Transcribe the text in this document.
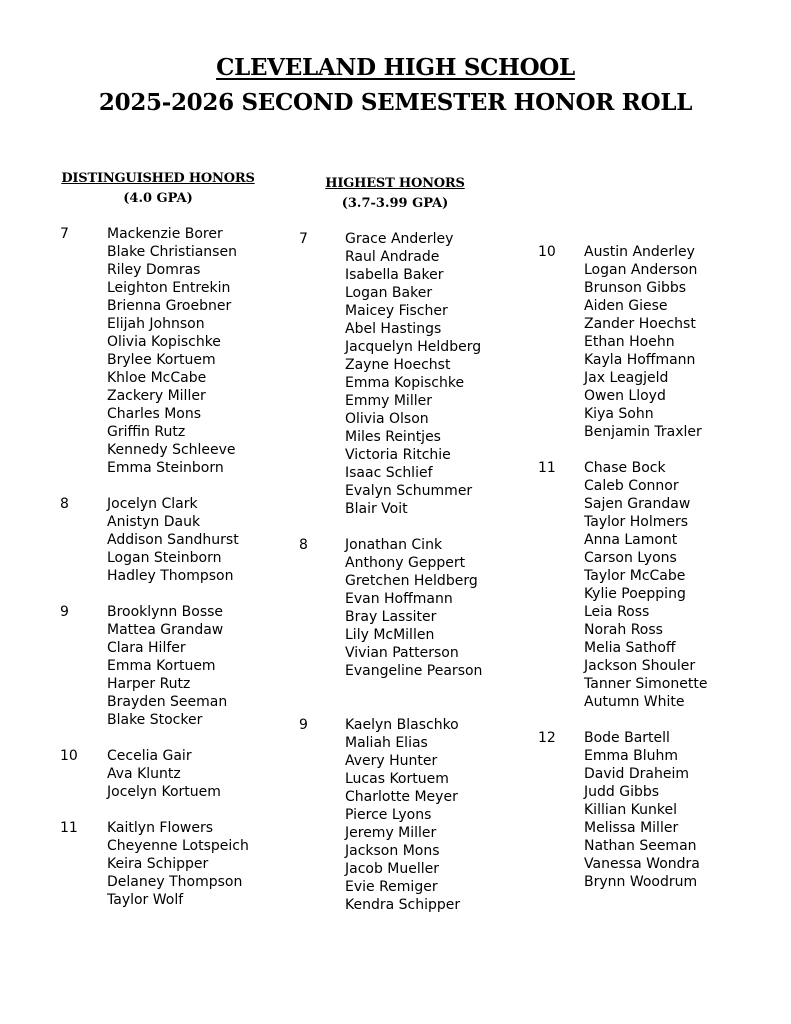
CLEVELAND HIGH SCHOOL
2025-2026 SECOND SEMESTER HONOR ROLL
DISTINGUISHED HONORS
(4.0 GPA)
HIGHEST HONORS
(3.7-3.99 GPA)
7	Mackenzie Borer
Blake Christiansen
Riley Domras
Leighton Entrekin
Brienna Groebner
Elijah Johnson
Olivia Kopischke
Brylee Kortuem
Khloe McCabe
Zackery Miller
Charles Mons
Griffin Rutz
Kennedy Schleeve
Emma Steinborn
8	Jocelyn Clark
Anistyn Dauk
Addison Sandhurst
Logan Steinborn
Hadley Thompson
9	Brooklynn Bosse
Mattea Grandaw
Clara Hilfer
Emma Kortuem
Harper Rutz
Brayden Seeman
Blake Stocker
10	Cecelia Gair
Ava Kluntz
Jocelyn Kortuem
11	Kaitlyn Flowers
Cheyenne Lotspeich
Keira Schipper
Delaney Thompson
Taylor Wolf
7	Grace Anderley
Raul Andrade
Isabella Baker
Logan Baker
Maicey Fischer
Abel Hastings
Jacquelyn Heldberg
Zayne Hoechst
Emma Kopischke
Emmy Miller
Olivia Olson
Miles Reintjes
Victoria Ritchie
Isaac Schlief
Evalyn Schummer
Blair Voit
8	Jonathan Cink
Anthony Geppert
Gretchen Heldberg
Evan Hoffmann
Bray Lassiter
Lily McMillen
Vivian Patterson
Evangeline Pearson
9	Kaelyn Blaschko
Maliah Elias
Avery Hunter
Lucas Kortuem
Charlotte Meyer
Pierce Lyons
Jeremy Miller
Jackson Mons
Jacob Mueller
Evie Remiger
Kendra Schipper
10	Austin Anderley
Logan Anderson
Brunson Gibbs
Aiden Giese
Zander Hoechst
Ethan Hoehn
Kayla Hoffmann
Jax Leagjeld
Owen Lloyd
Kiya Sohn
Benjamin Traxler
11	Chase Bock
Caleb Connor
Sajen Grandaw
Taylor Holmers
Anna Lamont
Carson Lyons
Taylor McCabe
Kylie Poepping
Leia Ross
Norah Ross
Melia Sathoff
Jackson Shouler
Tanner Simonette
Autumn White
12	Bode Bartell
Emma Bluhm
David Draheim
Judd Gibbs
Killian Kunkel
Melissa Miller
Nathan Seeman
Vanessa Wondra
Brynn Woodrum
